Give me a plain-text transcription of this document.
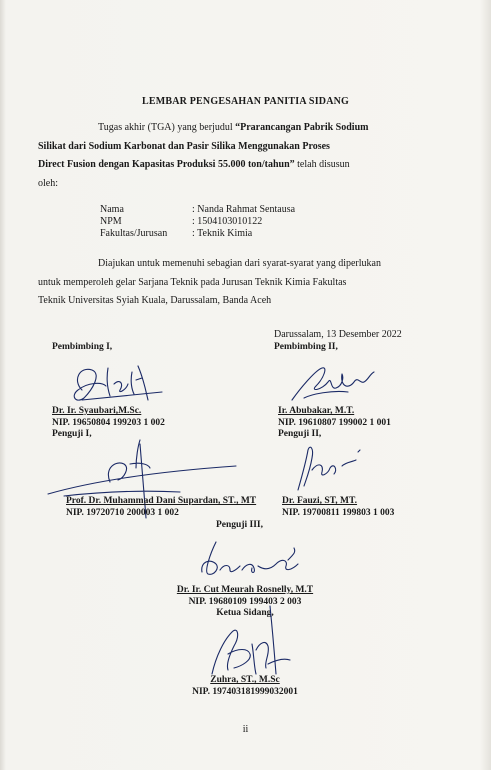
LEMBAR PENGESAHAN PANITIA SIDANG
Tugas akhir (TGA) yang berjudul “Prarancangan Pabrik Sodium
Silikat dari Sodium Karbonat dan Pasir Silika Menggunakan Proses
Direct Fusion dengan Kapasitas Produksi 55.000 ton/tahun” telah disusun
oleh:
Nama	: Nanda Rahmat Sentausa
NPM	: 1504103010122
Fakultas/Jurusan	: Teknik Kimia
Diajukan untuk memenuhi sebagian dari syarat-syarat yang diperlukan
untuk memperoleh gelar Sarjana Teknik pada Jurusan Teknik Kimia Fakultas
Teknik Universitas Syiah Kuala, Darussalam, Banda Aceh
Darussalam, 13 Desember 2022
Pembimbing I,
Dr. Ir. Syaubari,M.Sc.
NIP. 19650804 199203 1 002
Penguji I,
Pembimbing II,
Ir. Abubakar, M.T.
NIP. 19610807 199002 1 001
Penguji II,
Prof. Dr. Muhammad Dani Supardan, ST., MT
NIP. 19720710 200003 1 002
Dr. Fauzi, ST, MT.
NIP. 19700811 199803 1 003
Penguji III,
Dr. Ir. Cut Meurah Rosnelly, M.T
NIP. 19680109 199403 2 003
Ketua Sidang,
Zuhra, ST., M.Sc
NIP. 197403181999032001
ii
